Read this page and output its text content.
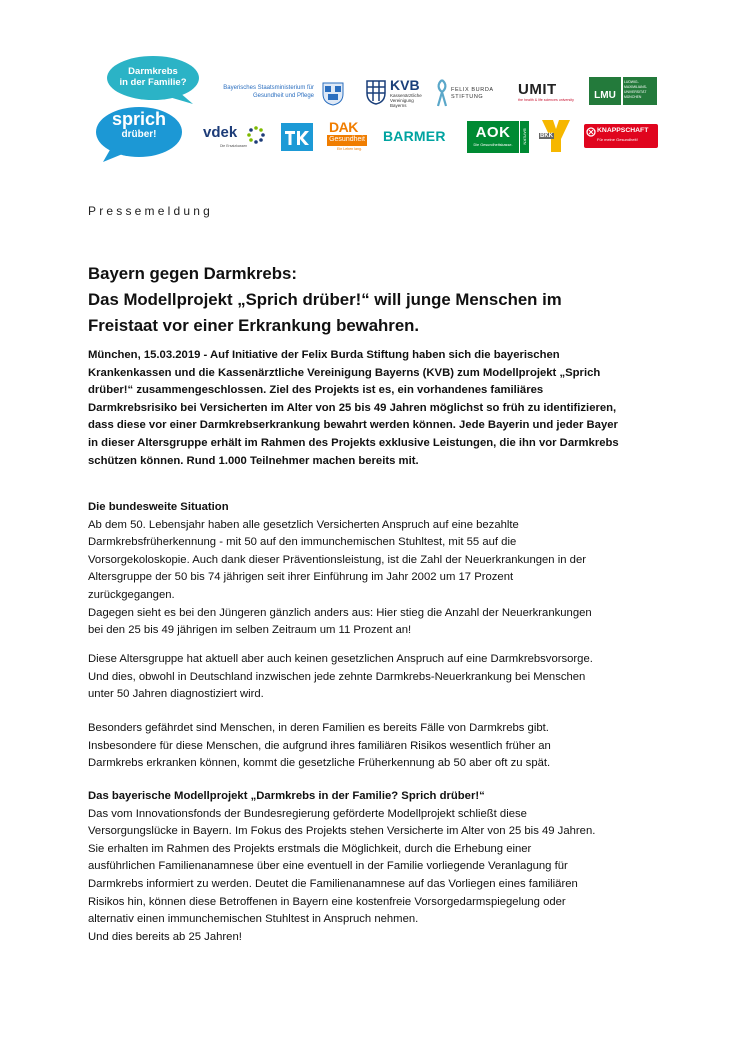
Darmkrebs
in der Familie?
sprich
drüber!
Bayerisches Staatsministerium für
Gesundheit und Pflege
KVB
Kassenärztliche
Vereinigung
Bayerns
FELIX BURDA
STIFTUNG	UMIT
the health & life sciences university	LMU
LUDWIG-
MAXIMILIANS-
UNIVERSITÄT
MÜNCHEN
vdek
Die Ersatzkassen
DAK
Gesundheit
Ein Leben lang.
BARMER	AOK
Die Gesundheitskasse.
BAYERN BKK
KNAPPSCHAFT
Für meine Gesundheit!
Pressemeldung
Bayern gegen Darmkrebs:
Das Modellprojekt „Sprich drüber!“ will junge Menschen im
Freistaat vor einer Erkrankung bewahren.
München, 15.03.2019 - Auf Initiative der Felix Burda Stiftung haben sich die bayerischen
Krankenkassen und die Kassenärztliche Vereinigung Bayerns (KVB) zum Modellprojekt „Sprich
drüber!“ zusammengeschlossen. Ziel des Projekts ist es, ein vorhandenes familiäres
Darmkrebsrisiko bei Versicherten im Alter von 25 bis 49 Jahren möglichst so früh zu identifizieren,
dass diese vor einer Darmkrebserkrankung bewahrt werden können. Jede Bayerin und jeder Bayer
in dieser Altersgruppe erhält im Rahmen des Projekts exklusive Leistungen, die ihn vor Darmkrebs
schützen können. Rund 1.000 Teilnehmer machen bereits mit.
Die bundesweite Situation
Ab dem 50. Lebensjahr haben alle gesetzlich Versicherten Anspruch auf eine bezahlte
Darmkrebsfrüherkennung - mit 50 auf den immunchemischen Stuhltest, mit 55 auf die
Vorsorgekoloskopie. Auch dank dieser Präventionsleistung, ist die Zahl der Neuerkrankungen in der
Altersgruppe der 50 bis 74 jährigen seit ihrer Einführung im Jahr 2002 um 17 Prozent
zurückgegangen.
Dagegen sieht es bei den Jüngeren gänzlich anders aus: Hier stieg die Anzahl der Neuerkrankungen
bei den 25 bis 49 jährigen im selben Zeitraum um 11 Prozent an!
Diese Altersgruppe hat aktuell aber auch keinen gesetzlichen Anspruch auf eine Darmkrebsvorsorge.
Und dies, obwohl in Deutschland inzwischen jede zehnte Darmkrebs-Neuerkrankung bei Menschen
unter 50 Jahren diagnostiziert wird.
Besonders gefährdet sind Menschen, in deren Familien es bereits Fälle von Darmkrebs gibt.
Insbesondere für diese Menschen, die aufgrund ihres familiären Risikos wesentlich früher an
Darmkrebs erkranken können, kommt die gesetzliche Früherkennung ab 50 aber oft zu spät.
Das bayerische Modellprojekt „Darmkrebs in der Familie? Sprich drüber!“
Das vom Innovationsfonds der Bundesregierung geförderte Modellprojekt schließt diese
Versorgungslücke in Bayern. Im Fokus des Projekts stehen Versicherte im Alter von 25 bis 49 Jahren.
Sie erhalten im Rahmen des Projekts erstmals die Möglichkeit, durch die Erhebung einer
ausführlichen Familienanamnese über eine eventuell in der Familie vorliegende Veranlagung für
Darmkrebs informiert zu werden. Deutet die Familienanamnese auf das Vorliegen eines familiären
Risikos hin, können diese Betroffenen in Bayern eine kostenfreie Vorsorgedarmspiegelung oder
alternativ einen immunchemischen Stuhltest in Anspruch nehmen.
Und dies bereits ab 25 Jahren!
